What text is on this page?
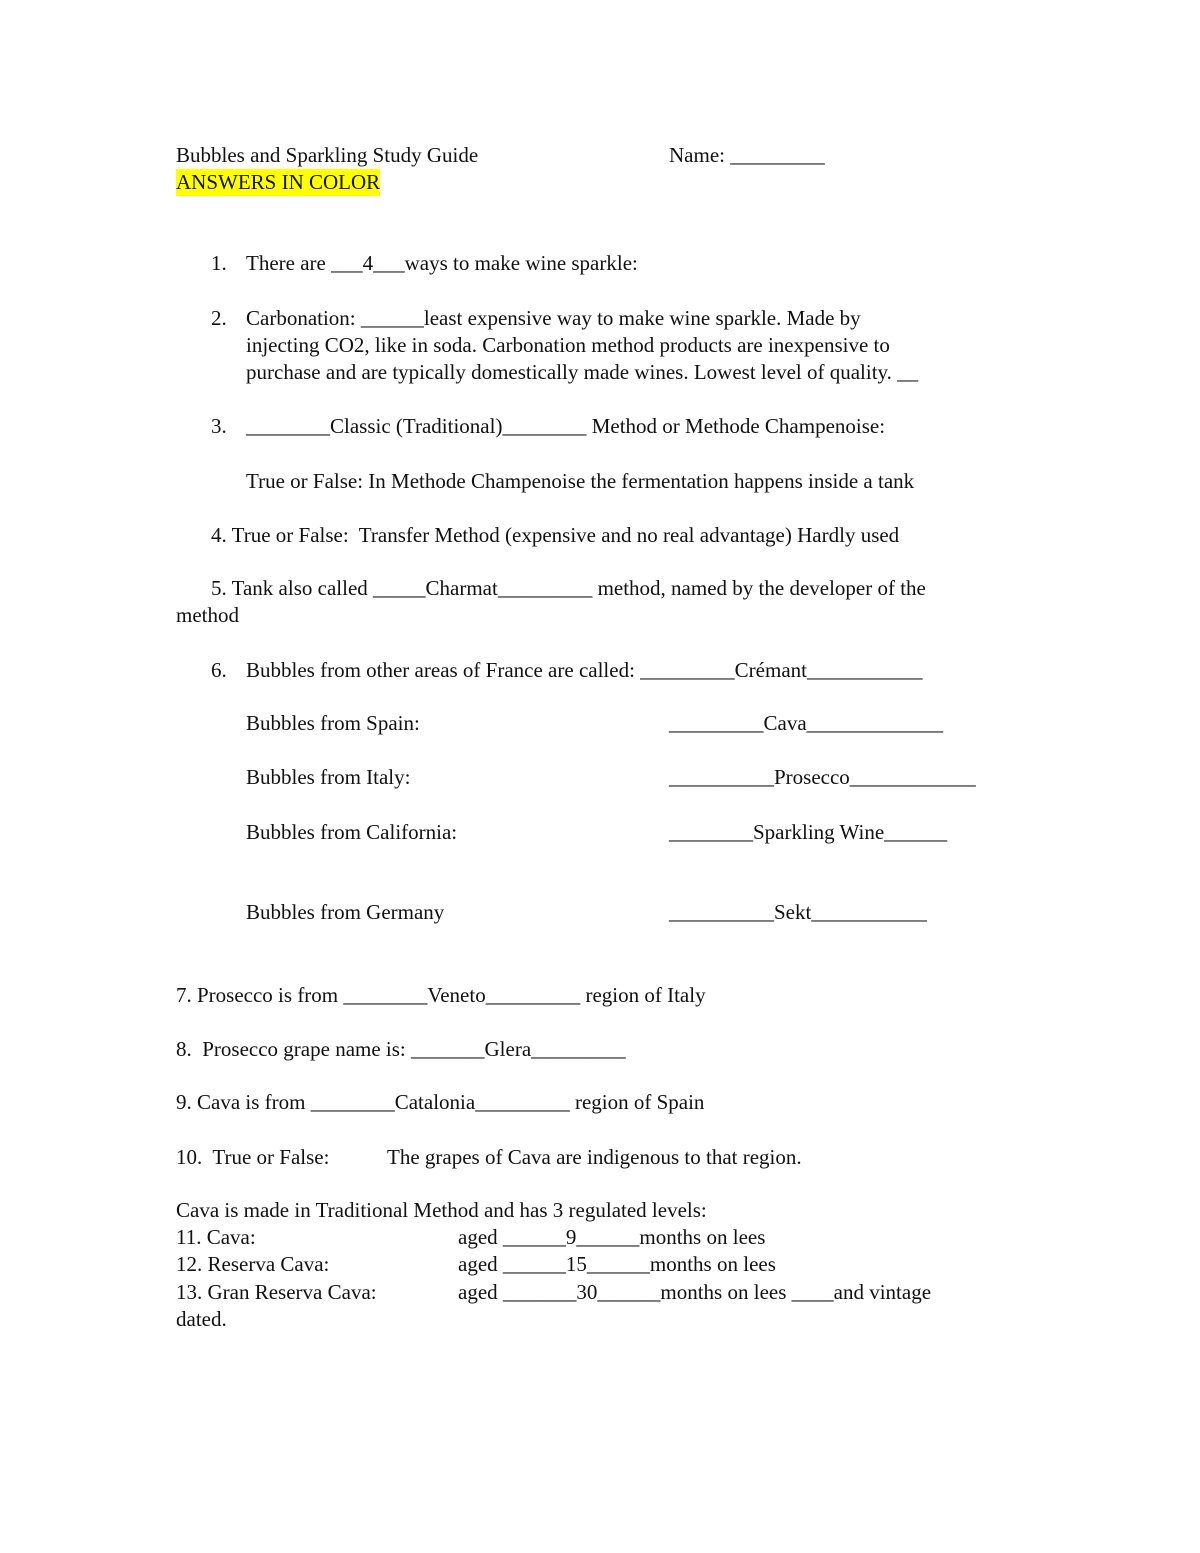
Bubbles and Sparkling Study Guide	Name: _________
ANSWERS IN COLOR
1. There are ___4___ways to make wine sparkle:
2. Carbonation: ______least expensive way to make wine sparkle. Made by
injecting CO2, like in soda. Carbonation method products are inexpensive to
purchase and are typically domestically made wines. Lowest level of quality. __
3. ________Classic (Traditional)________ Method or Methode Champenoise:
True or False: In Methode Champenoise the fermentation happens inside a tank
4. True or False:  Transfer Method (expensive and no real advantage) Hardly used
5. Tank also called _____Charmat_________ method, named by the developer of the
method
6. Bubbles from other areas of France are called: _________Crémant___________
Bubbles from Spain:	_________Cava_____________
Bubbles from Italy:	__________Prosecco____________
Bubbles from California:	________Sparkling Wine______
Bubbles from Germany	__________Sekt___________
7. Prosecco is from ________Veneto_________ region of Italy
8.  Prosecco grape name is: _______Glera_________
9. Cava is from ________Catalonia_________ region of Spain
10.  True or False:	The grapes of Cava are indigenous to that region.
Cava is made in Traditional Method and has 3 regulated levels:
11. Cava:	aged ______9______months on lees
12. Reserva Cava:	aged ______15______months on lees
13. Gran Reserva Cava:	aged _______30______months on lees ____and vintage
dated.
